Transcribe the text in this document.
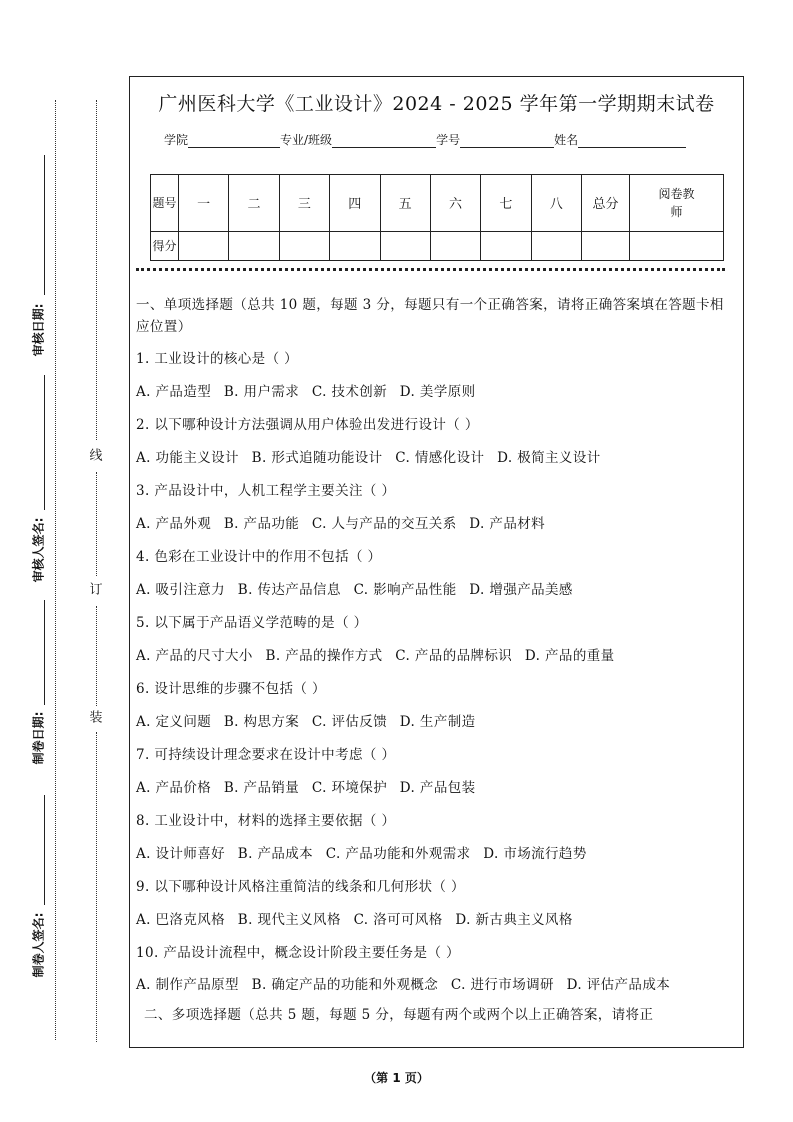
审核日期:
审核人签名:
制卷日期:
制卷人签名:
线
订
装
广州医科大学《工业设计》2024 - 2025 学年第一学期期末试卷
学院	专业/班级	学号	姓名
题号	一	二	三	四	五	六	七	八	总分	阅卷教师
得分										
一、单项选择题（总共 10 题，每题 3 分，每题只有一个正确答案，请将正确答案填在答题卡相应位置）
1. 工业设计的核心是（ ）
A. 产品造型 B. 用户需求 C. 技术创新 D. 美学原则
2. 以下哪种设计方法强调从用户体验出发进行设计（ ）
A. 功能主义设计 B. 形式追随功能设计 C. 情感化设计 D. 极简主义设计
3. 产品设计中，人机工程学主要关注（ ）
A. 产品外观 B. 产品功能 C. 人与产品的交互关系 D. 产品材料
4. 色彩在工业设计中的作用不包括（ ）
A. 吸引注意力 B. 传达产品信息 C. 影响产品性能 D. 增强产品美感
5. 以下属于产品语义学范畴的是（ ）
A. 产品的尺寸大小 B. 产品的操作方式 C. 产品的品牌标识 D. 产品的重量
6. 设计思维的步骤不包括（ ）
A. 定义问题 B. 构思方案 C. 评估反馈 D. 生产制造
7. 可持续设计理念要求在设计中考虑（ ）
A. 产品价格 B. 产品销量 C. 环境保护 D. 产品包装
8. 工业设计中，材料的选择主要依据（ ）
A. 设计师喜好 B. 产品成本 C. 产品功能和外观需求 D. 市场流行趋势
9. 以下哪种设计风格注重简洁的线条和几何形状（ ）
A. 巴洛克风格 B. 现代主义风格 C. 洛可可风格 D. 新古典主义风格
10. 产品设计流程中，概念设计阶段主要任务是（ ）
A. 制作产品原型 B. 确定产品的功能和外观概念 C. 进行市场调研 D. 评估产品成本
二、多项选择题（总共 5 题，每题 5 分，每题有两个或两个以上正确答案，请将正
（第 1 页）
